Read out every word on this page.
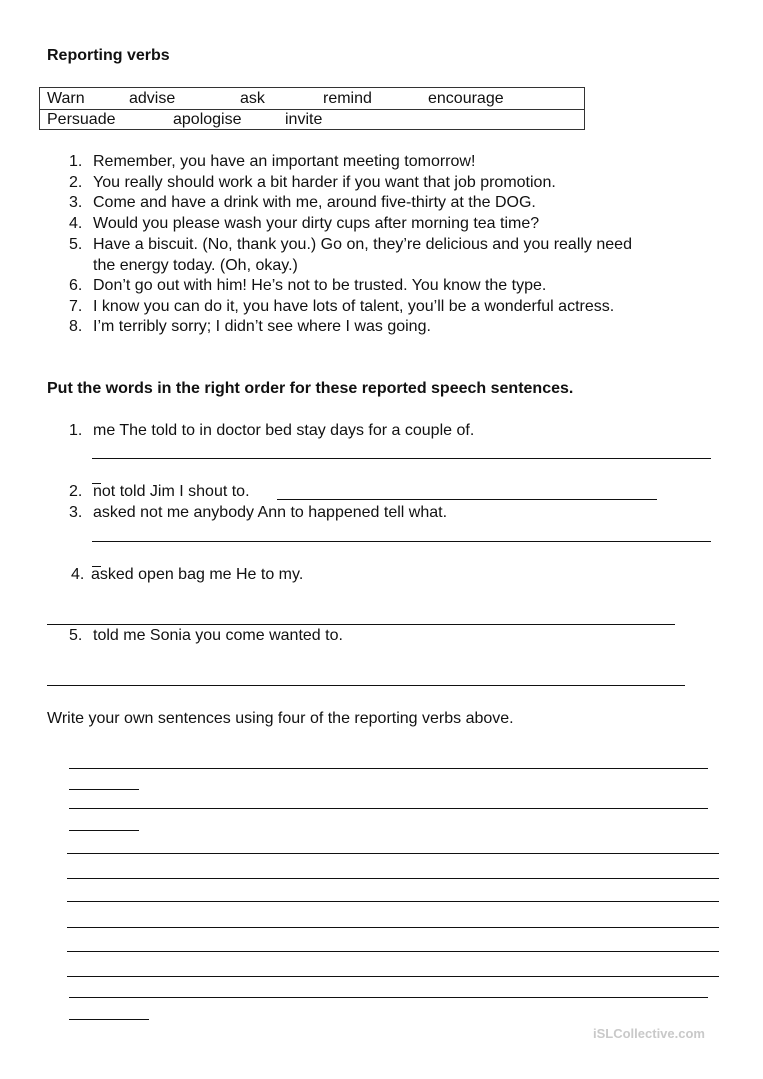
Reporting verbs
Warn	advise	ask	remind	encourage
Persuade	apologise	invite
1. Remember, you have an important meeting tomorrow!
2. You really should work a bit harder if you want that job promotion.
3. Come and have a drink with me, around five-thirty at the DOG.
4. Would you please wash your dirty cups after morning tea time?
5. Have a biscuit. (No, thank you.) Go on, they’re delicious and you really need
the energy today. (Oh, okay.)
6. Don’t go out with him! He’s not to be trusted. You know the type.
7. I know you can do it, you have lots of talent, you’ll be a wonderful actress.
8. I’m terribly sorry; I didn’t see where I was going.
Put the words in the right order for these reported speech sentences.
1. me The told to in doctor bed stay days for a couple of.
2. not told Jim I shout to.
3. asked not me anybody Ann to happened tell what.
4. asked open bag me He to my.
5. told me Sonia you come wanted to.
Write your own sentences using four of the reporting verbs above.
iSLCollective.com
